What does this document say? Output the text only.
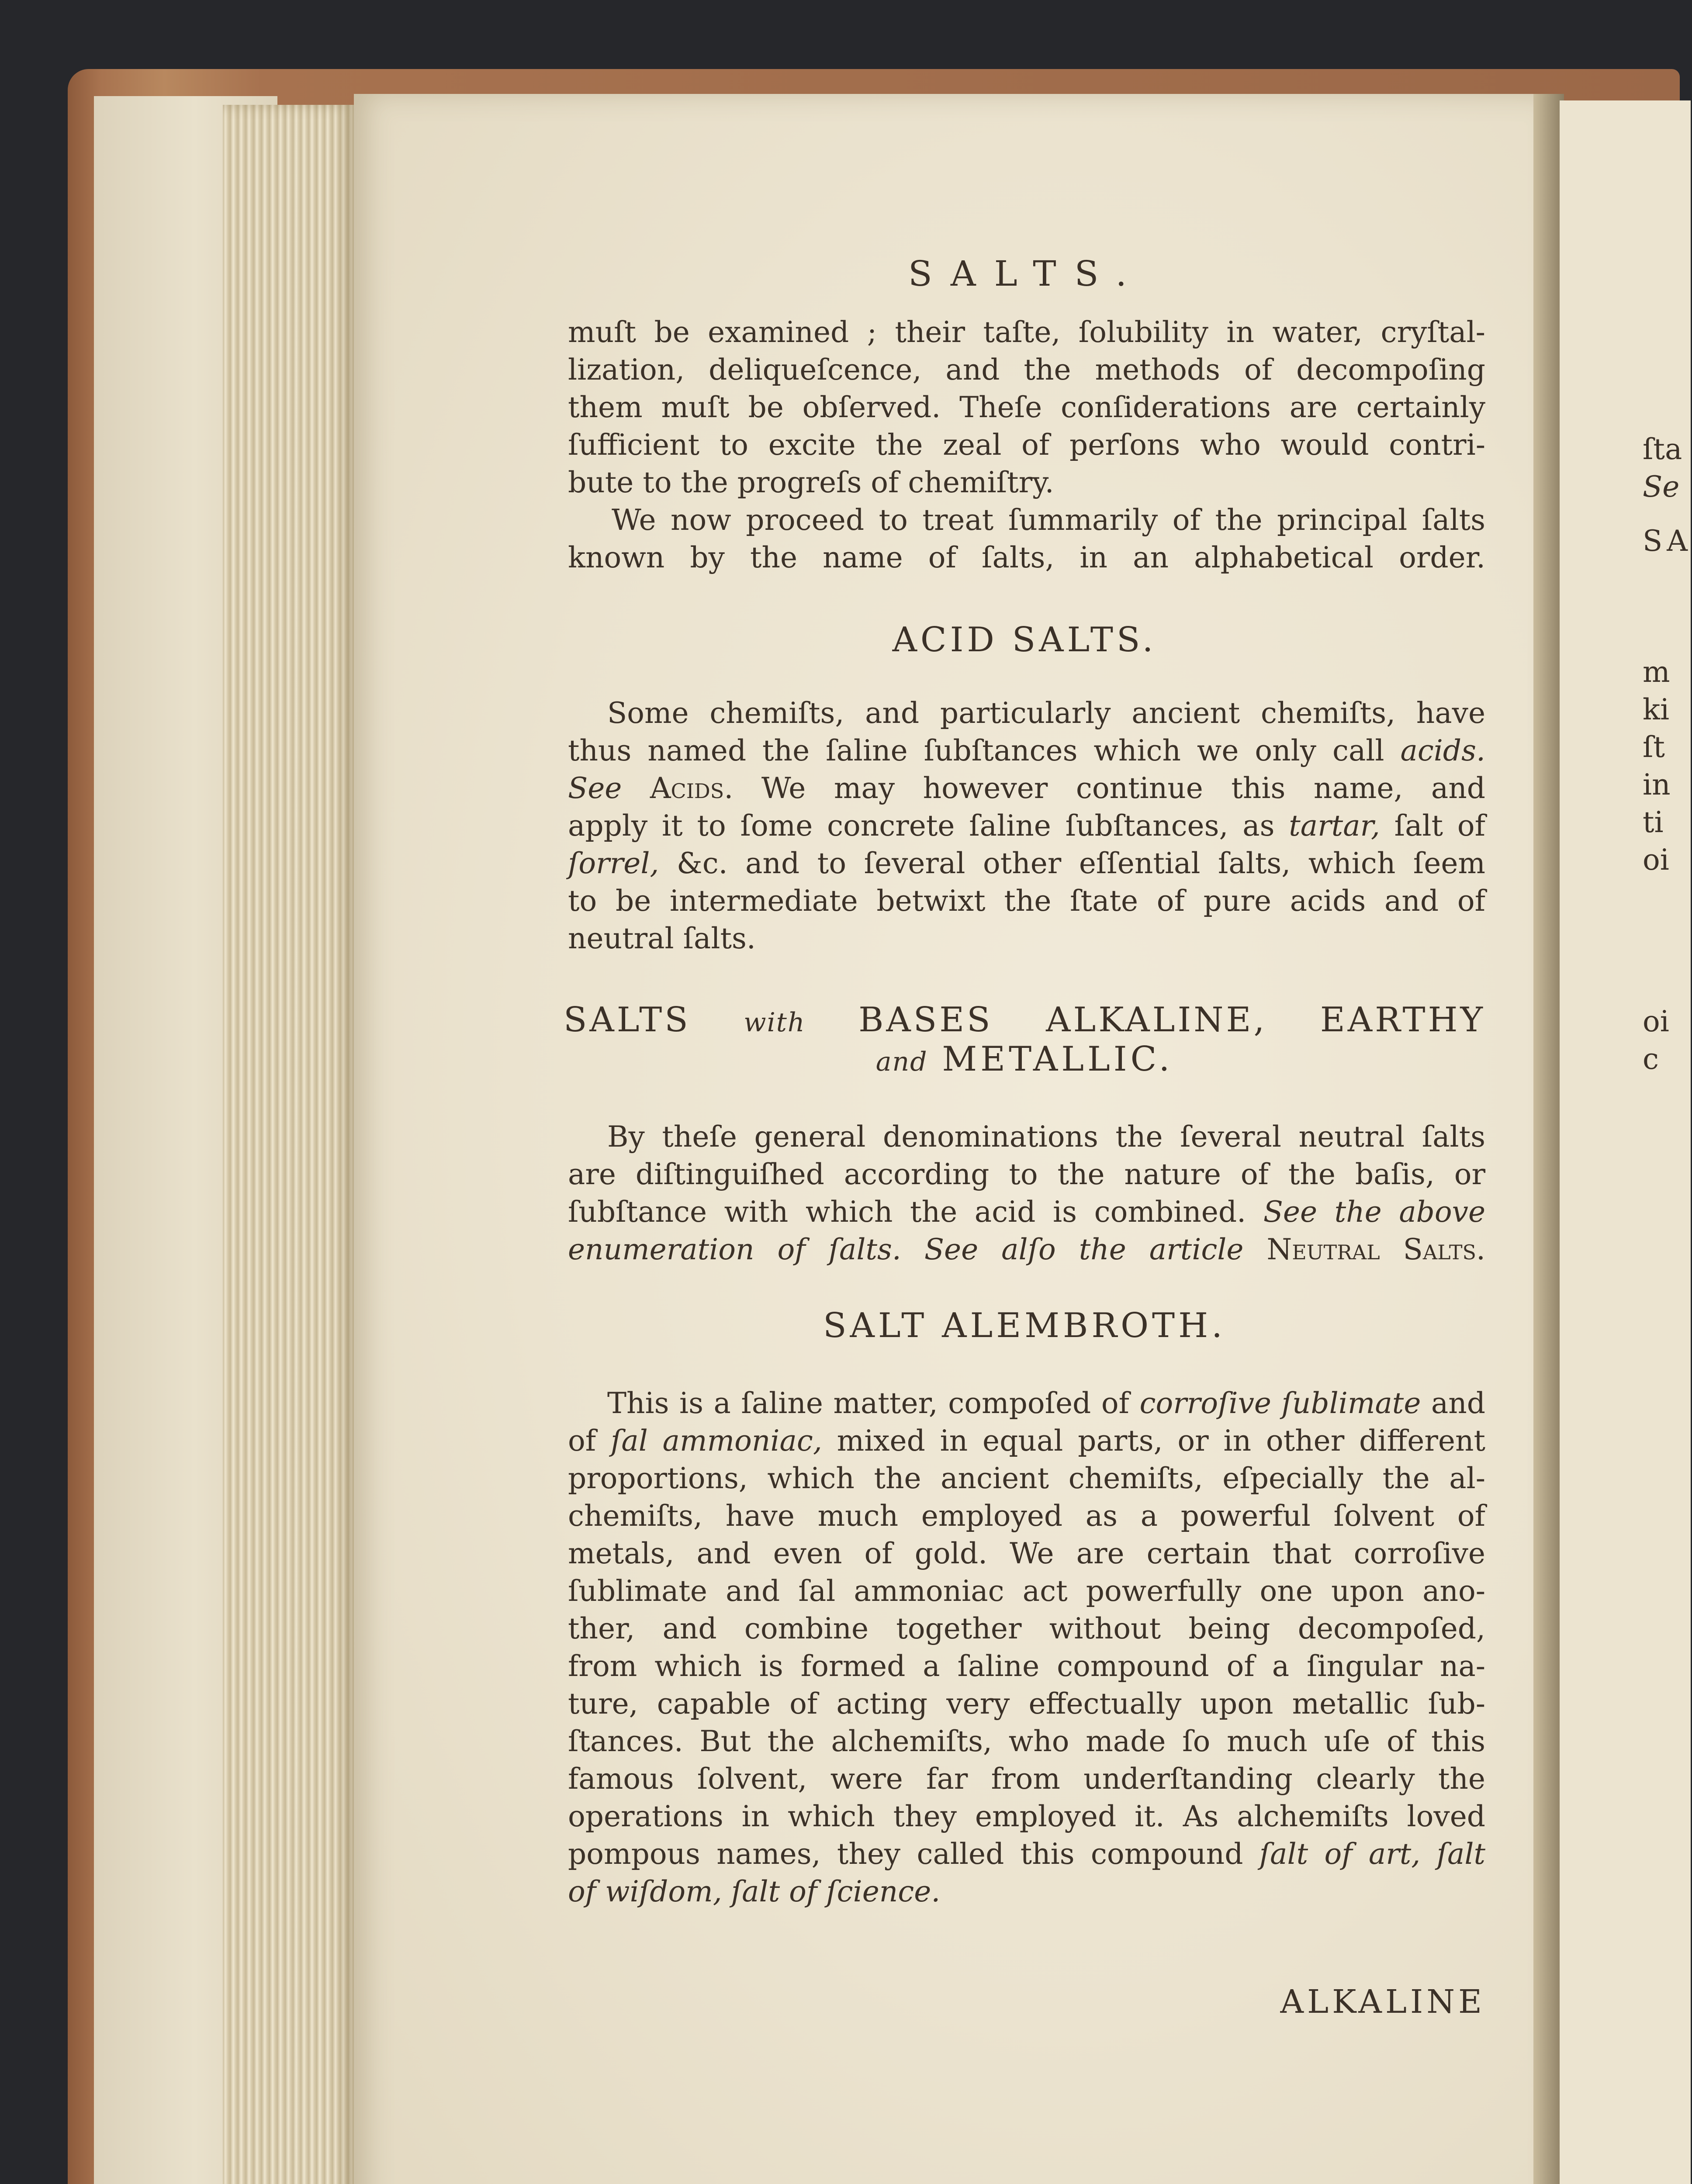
SALTS.
muſt be examined ; their taſte, ſolubility in water, cryſtal-
lization, deliqueſcence, and the methods of decompoſing
them muſt be obſerved. Theſe conſiderations are certainly
ſufficient to excite the zeal of perſons who would contri-
bute to the progreſs of chemiſtry.
We now proceed to treat ſummarily of the principal ſalts
known by the name of ſalts, in an alphabetical order.
ACID SALTS.
Some chemiſts, and particularly ancient chemiſts, have
thus named the ſaline ſubſtances which we only call acids.
See Acids. We may however continue this name, and
apply it to ſome concrete ſaline ſubſtances, as tartar, ſalt of
ſorrel, &c. and to ſeveral other eſſential ſalts, which ſeem
to be intermediate betwixt the ſtate of pure acids and of
neutral ſalts.
SALTS with BASES ALKALINE, EARTHY
and METALLIC.
By theſe general denominations the ſeveral neutral ſalts
are diſtinguiſhed according to the nature of the baſis, or
ſubſtance with which the acid is combined. See the above
enumeration of ſalts. See alſo the article Neutral Salts.
SALT ALEMBROTH.
This is a ſaline matter, compoſed of corroſive ſublimate and
of ſal ammoniac, mixed in equal parts, or in other different
proportions, which the ancient chemiſts, eſpecially the al-
chemiſts, have much employed as a powerful ſolvent of
metals, and even of gold. We are certain that corroſive
ſublimate and ſal ammoniac act powerfully one upon ano-
ther, and combine together without being decompoſed,
from which is formed a ſaline compound of a ſingular na-
ture, capable of acting very effectually upon metallic ſub-
ſtances. But the alchemiſts, who made ſo much uſe of this
famous ſolvent, were far from underſtanding clearly the
operations in which they employed it. As alchemiſts loved
pompous names, they called this compound ſalt of art, ſalt
of wiſdom, ſalt of ſcience.
ALKALINE
ſta
Se
SA
m
ki
ſt
in
ti
oi
oi
c
